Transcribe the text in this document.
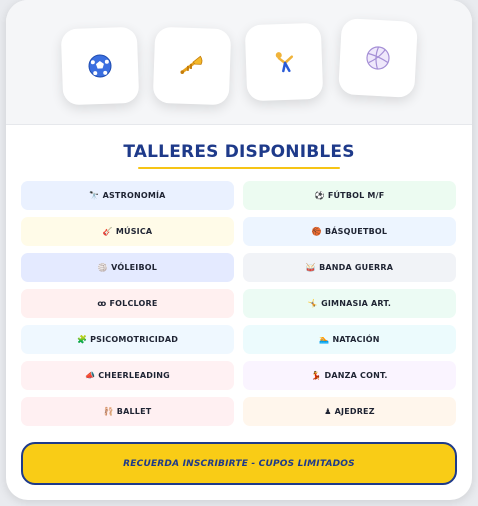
TALLERES DISPONIBLES
🔭 ASTRONOMÍA	⚽ FÚTBOL M/F
🎸 MÚSICA	🏀 BÁSQUETBOL
🏐 VÓLEIBOL	🥁 BANDA GUERRA
ꝏ FOLCLORE	🤸 GIMNASIA ART.
🧩 PSICOMOTRICIDAD	🏊 NATACIÓN
📣 CHEERLEADING	💃 DANZA CONT.
🩰 BALLET	♟ AJEDREZ
RECUERDA INSCRIBIRTE - CUPOS LIMITADOS
